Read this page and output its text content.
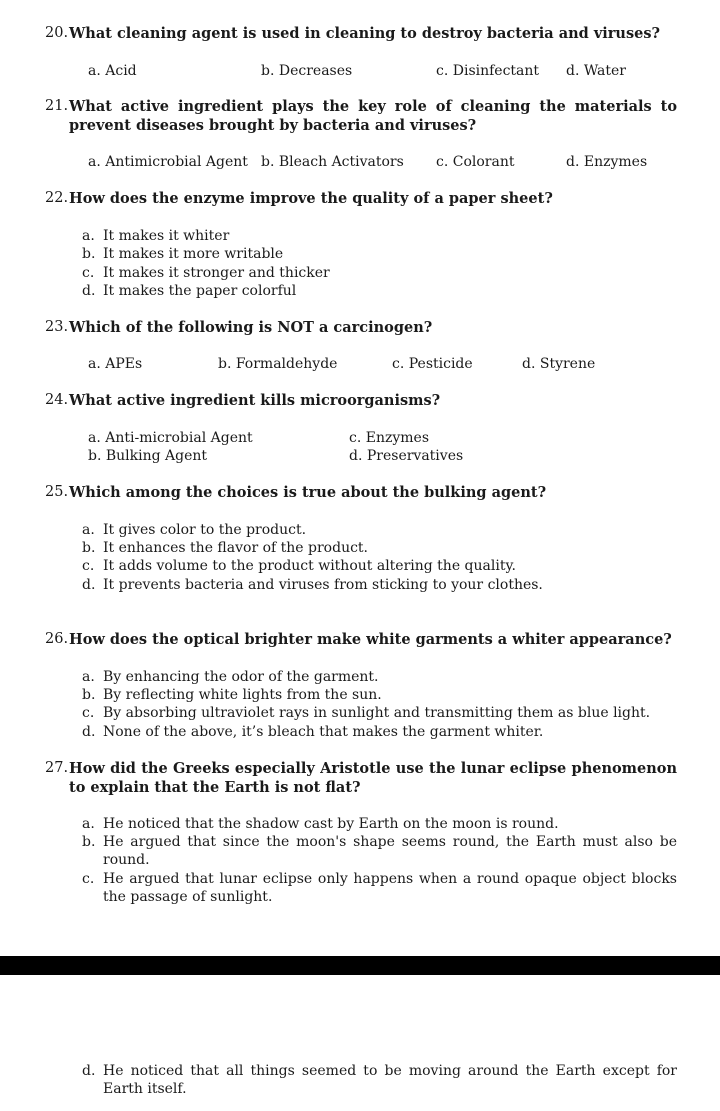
20. What cleaning agent is used in cleaning to destroy bacteria and viruses?
a. Acid	b. Decreases	c. Disinfectant d. Water
21. What active ingredient plays the key role of cleaning the materials to prevent diseases brought by bacteria and viruses?
a. Antimicrobial Agent b. Bleach Activators c. Colorant	d. Enzymes
22. How does the enzyme improve the quality of a paper sheet?
a. It makes it whiter
b. It makes it more writable
c. It makes it stronger and thicker
d. It makes the paper colorful
23. Which of the following is NOT a carcinogen?
a. APEs	b. Formaldehyde	c. Pesticide	d. Styrene
24. What active ingredient kills microorganisms?
a. Anti-microbial Agent
b. Bulking Agent
c. Enzymes
d. Preservatives
25. Which among the choices is true about the bulking agent?
a. It gives color to the product.
b. It enhances the flavor of the product.
c. It adds volume to the product without altering the quality.
d. It prevents bacteria and viruses from sticking to your clothes.
26. How does the optical brighter make white garments a whiter appearance?
a. By enhancing the odor of the garment.
b. By reflecting white lights from the sun.
c. By absorbing ultraviolet rays in sunlight and transmitting them as blue light.
d. None of the above, it’s bleach that makes the garment whiter.
27. How did the Greeks especially Aristotle use the lunar eclipse phenomenon to explain that the Earth is not flat?
a. He noticed that the shadow cast by Earth on the moon is round.
b. He argued that since the moon's shape seems round, the Earth must also be round.
c. He argued that lunar eclipse only happens when a round opaque object blocks the passage of sunlight.
d. He noticed that all things seemed to be moving around the Earth except for Earth itself.
